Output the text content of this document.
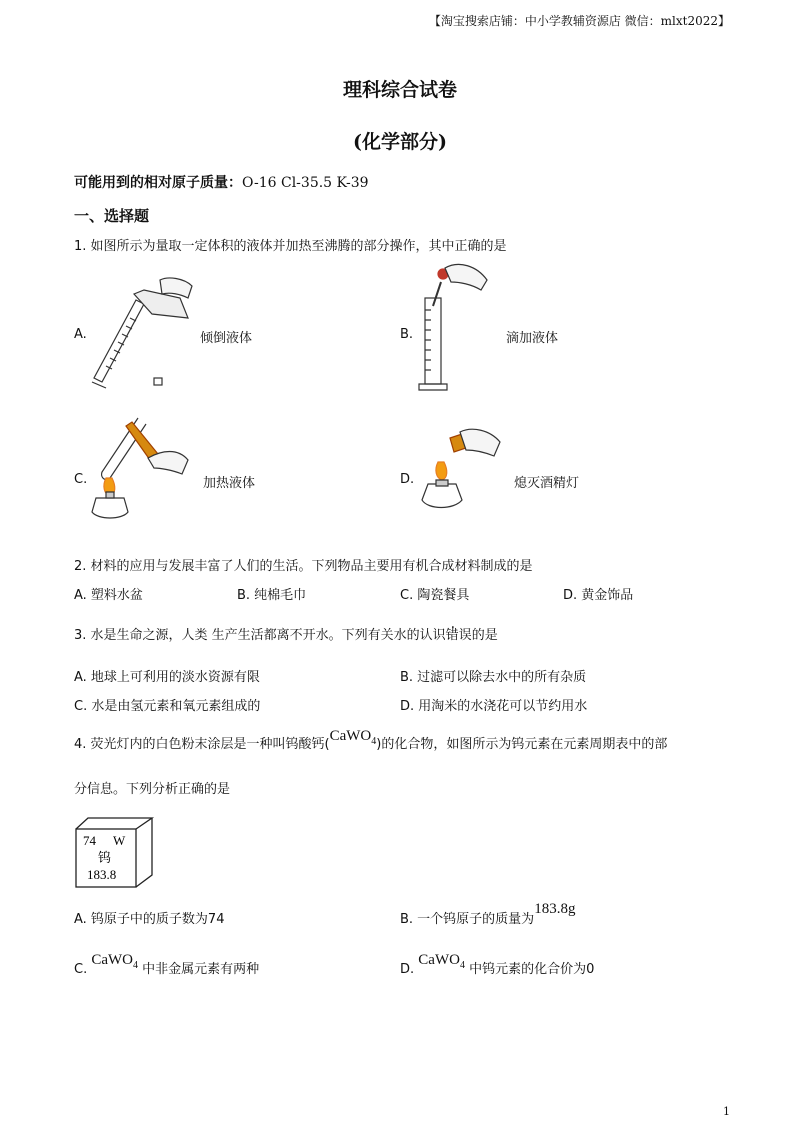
【淘宝搜索店铺：中小学教辅资源店 微信：mlxt2022】
理科综合试卷
(化学部分)
可能用到的相对原子质量：O-16 Cl-35.5 K-39
一、选择题
1. 如图所示为量取一定体积的液体并加热至沸腾的部分操作，其中正确的是
A.	倾倒液体	B.	滴加液体
C.	加热液体	D.	熄灭酒精灯
2. 材料的应用与发展丰富了人们的生活。下列物品主要用有机合成材料制成的是
A. 塑料水盆	B. 纯棉毛巾	C. 陶瓷餐具	D. 黄金饰品
3. 水是生命之源，人类 生产生活都离不开水。下列有关水的认识错误的是
A. 地球上可利用的淡水资源有限	B. 过滤可以除去水中的所有杂质
C. 水是由氢元素和氧元素组成的	D. 用淘米的水浇花可以节约用水
4. 荧光灯内的白色粉末涂层是一种叫钨酸钙(CaWO$_4$)的化合物，如图所示为钨元素在元素周期表中的部
分信息。下列分析正确的是
74 W
钨
183.8
A. 钨原子中的质子数为74	B. 一个钨原子的质量为183.8g
C. CaWO$_4$ 中非金属元素有两种	D. CaWO$_4$ 中钨元素的化合价为0
1
